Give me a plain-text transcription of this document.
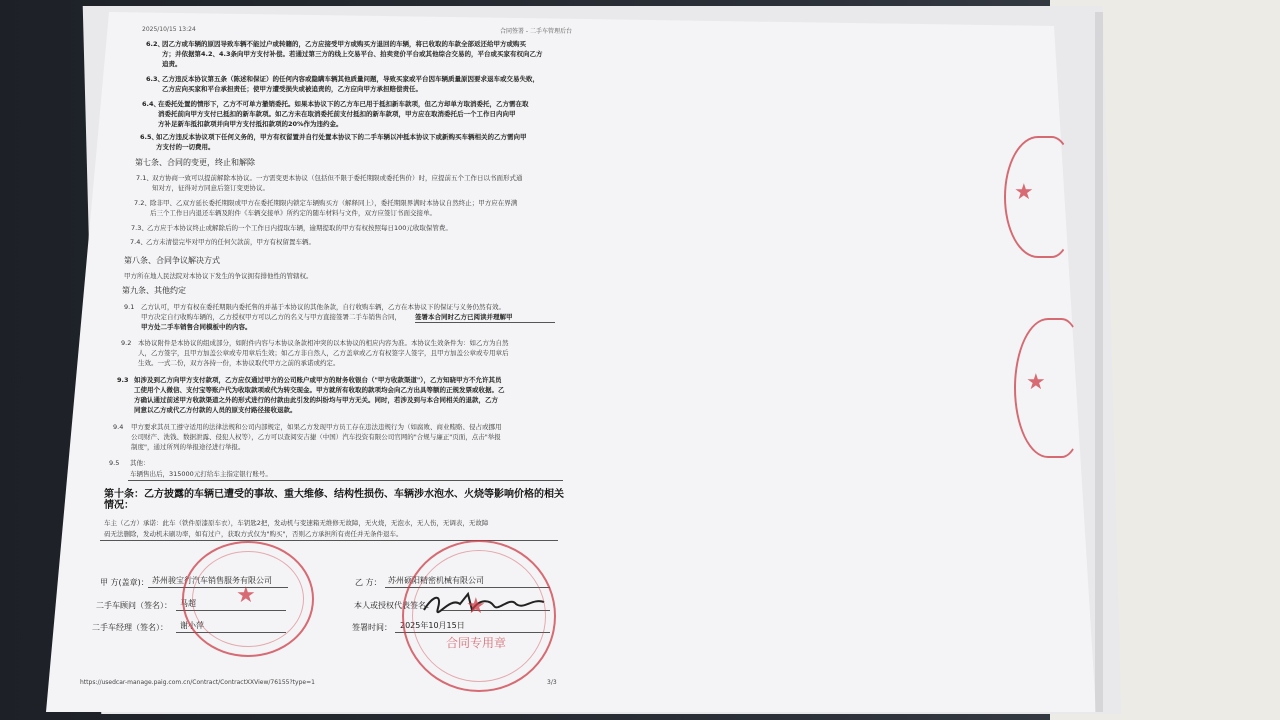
2025/10/15 13:24	合同签署 - 二手车管理后台
6.2、
因乙方或车辆的原因导致车辆不能过户或转籍的，乙方应接受甲方或购买方退回的车辆，将已收取的车款全部返还给甲方或购买
方；并依据第4.2、4.3条向甲方支付补偿。若通过第三方的线上交易平台、拍卖竞价平台或其他综合交易的，平台或买家有权向乙方
追责。
6.3、
乙方违反本协议第五条（陈述和保证）的任何内容或隐瞒车辆其他质量问题，导致买家或平台因车辆质量原因要求退车或交易失败，
乙方应向买家和平台承担责任；使甲方遭受损失或被追责的，乙方应向甲方承担赔偿责任。
6.4、
在委托处置的情形下，乙方不可单方撤销委托。如果本协议下的乙方车已用于抵扣新车款项，但乙方却单方取消委托，乙方需在取
消委托前向甲方支付已抵扣的新车款项。如乙方未在取消委托前支付抵扣的新车款项，甲方应在取消委托后一个工作日内向甲
方补足新车抵扣款项并向甲方支付抵扣款项的20%作为违约金。
6.5、
如乙方违反本协议项下任何义务的，甲方有权留置并自行处置本协议下的二手车辆以冲抵本协议下或新购买车辆相关的乙方需向甲
方支付的一切费用。
第七条、合同的变更，终止和解除
7.1、 双方协商一致可以提前解除本协议。一方需变更本协议（包括但不限于委托期限或委托售价）时，应提前五个工作日以书面形式通
知对方，征得对方同意后签订变更协议。
7.2、 除非甲、乙双方延长委托期限或甲方在委托期限内锁定车辆购买方（解释同上），委托期限界满时本协议自然终止；甲方应在界满
后三个工作日内退还车辆及附件《车辆交接单》所约定的随车材料与文件，双方应签订书面交接单。
7.3、 乙方应于本协议终止或解除后的一个工作日内提取车辆，逾期提取的甲方有权按照每日100元收取保管费。
7.4、 乙方未清偿完毕对甲方的任何欠款前，甲方有权留置车辆。
第八条、合同争议解决方式
甲方所在地人民法院对本协议下发生的争议拥有排他性的管辖权。
第九条、其他约定
9.1 乙方认可，甲方有权在委托期限内委托售的并基于本协议的其他条款，自行收购车辆，乙方在本协议下的保证与义务仍然有效。
甲方决定自行收购车辆的，乙方授权甲方可以乙方的名义与甲方直接签署二手车销售合同， 签署本合同时乙方已阅读并理解甲
甲方处二手车销售合同模板中的内容。
9.2 本协议附件是本协议的组成部分，如附件内容与本协议条款相冲突的以本协议的相应内容为准。本协议生效条件为：如乙方为自然
人，乙方签字，且甲方加盖公章或专用章后生效；如乙方非自然人，乙方盖章或乙方有权签字人签字，且甲方加盖公章或专用章后
生效。一式二份，双方各持一份，本协议取代甲方之前的承诺或约定。
9.3 如涉及到乙方向甲方支付款项，乙方应仅通过甲方的公司账户或甲方的财务收银台（"甲方收款渠道"），乙方知晓甲方不允许其员
工使用个人微信、支付宝等账户代为收取款项或代为转交现金。甲方就所有收取的款项均会向乙方出具等额的正规发票或收据。乙
方确认通过前述甲方收款渠道之外的形式进行的付款由此引发的纠纷均与甲方无关。同时，若涉及到与本合同相关的退款，乙方
同意以乙方或代乙方付款的人员的原支付路径接收退款。
9.4 甲方要求其员工遵守适用的法律法规和公司内部规定，如果乙方发现甲方员工存在违法违规行为（如腐败、商业贿赂、侵占或挪用
公司财产、洗钱、数据泄露、侵犯人权等），乙方可以查阅安吉捷（中国）汽车投资有限公司官网的"合规与廉正"页面，点击"举报
制度"，通过所列的举报途径进行举报。
9.5 其他：
车辆售出后，315000元打给车主指定银行账号。
第十条：乙方披露的车辆已遭受的事故、重大维修、结构性损伤、车辆涉水泡水、火烧等影响价格的相关
情况：
车主（乙方）承诺：此车（铁件原漆原车衣），车钥匙2把，发动机与变速箱无维修无故障，无火烧，无泡水，无人伤，无调表，无故障
码无法删除，发动机未刷功率，如有过户，获取方式仅为"购买"，否则乙方承担所有责任并无条件退车。
甲 方(盖章)： 苏州骏宝行汽车销售服务有限公司
二手车顾问（签名）： 马超
二手车经理（签名）： 谢小萍
乙 方： 苏州硕阳精密机械有限公司
本人或授权代表签名：
签署时间： 2025年10月15日
★	★
合同专用章
★
★
https://usedcar-manage.paig.com.cn/Contract/ContractXXView/76155?type=1	3/3
